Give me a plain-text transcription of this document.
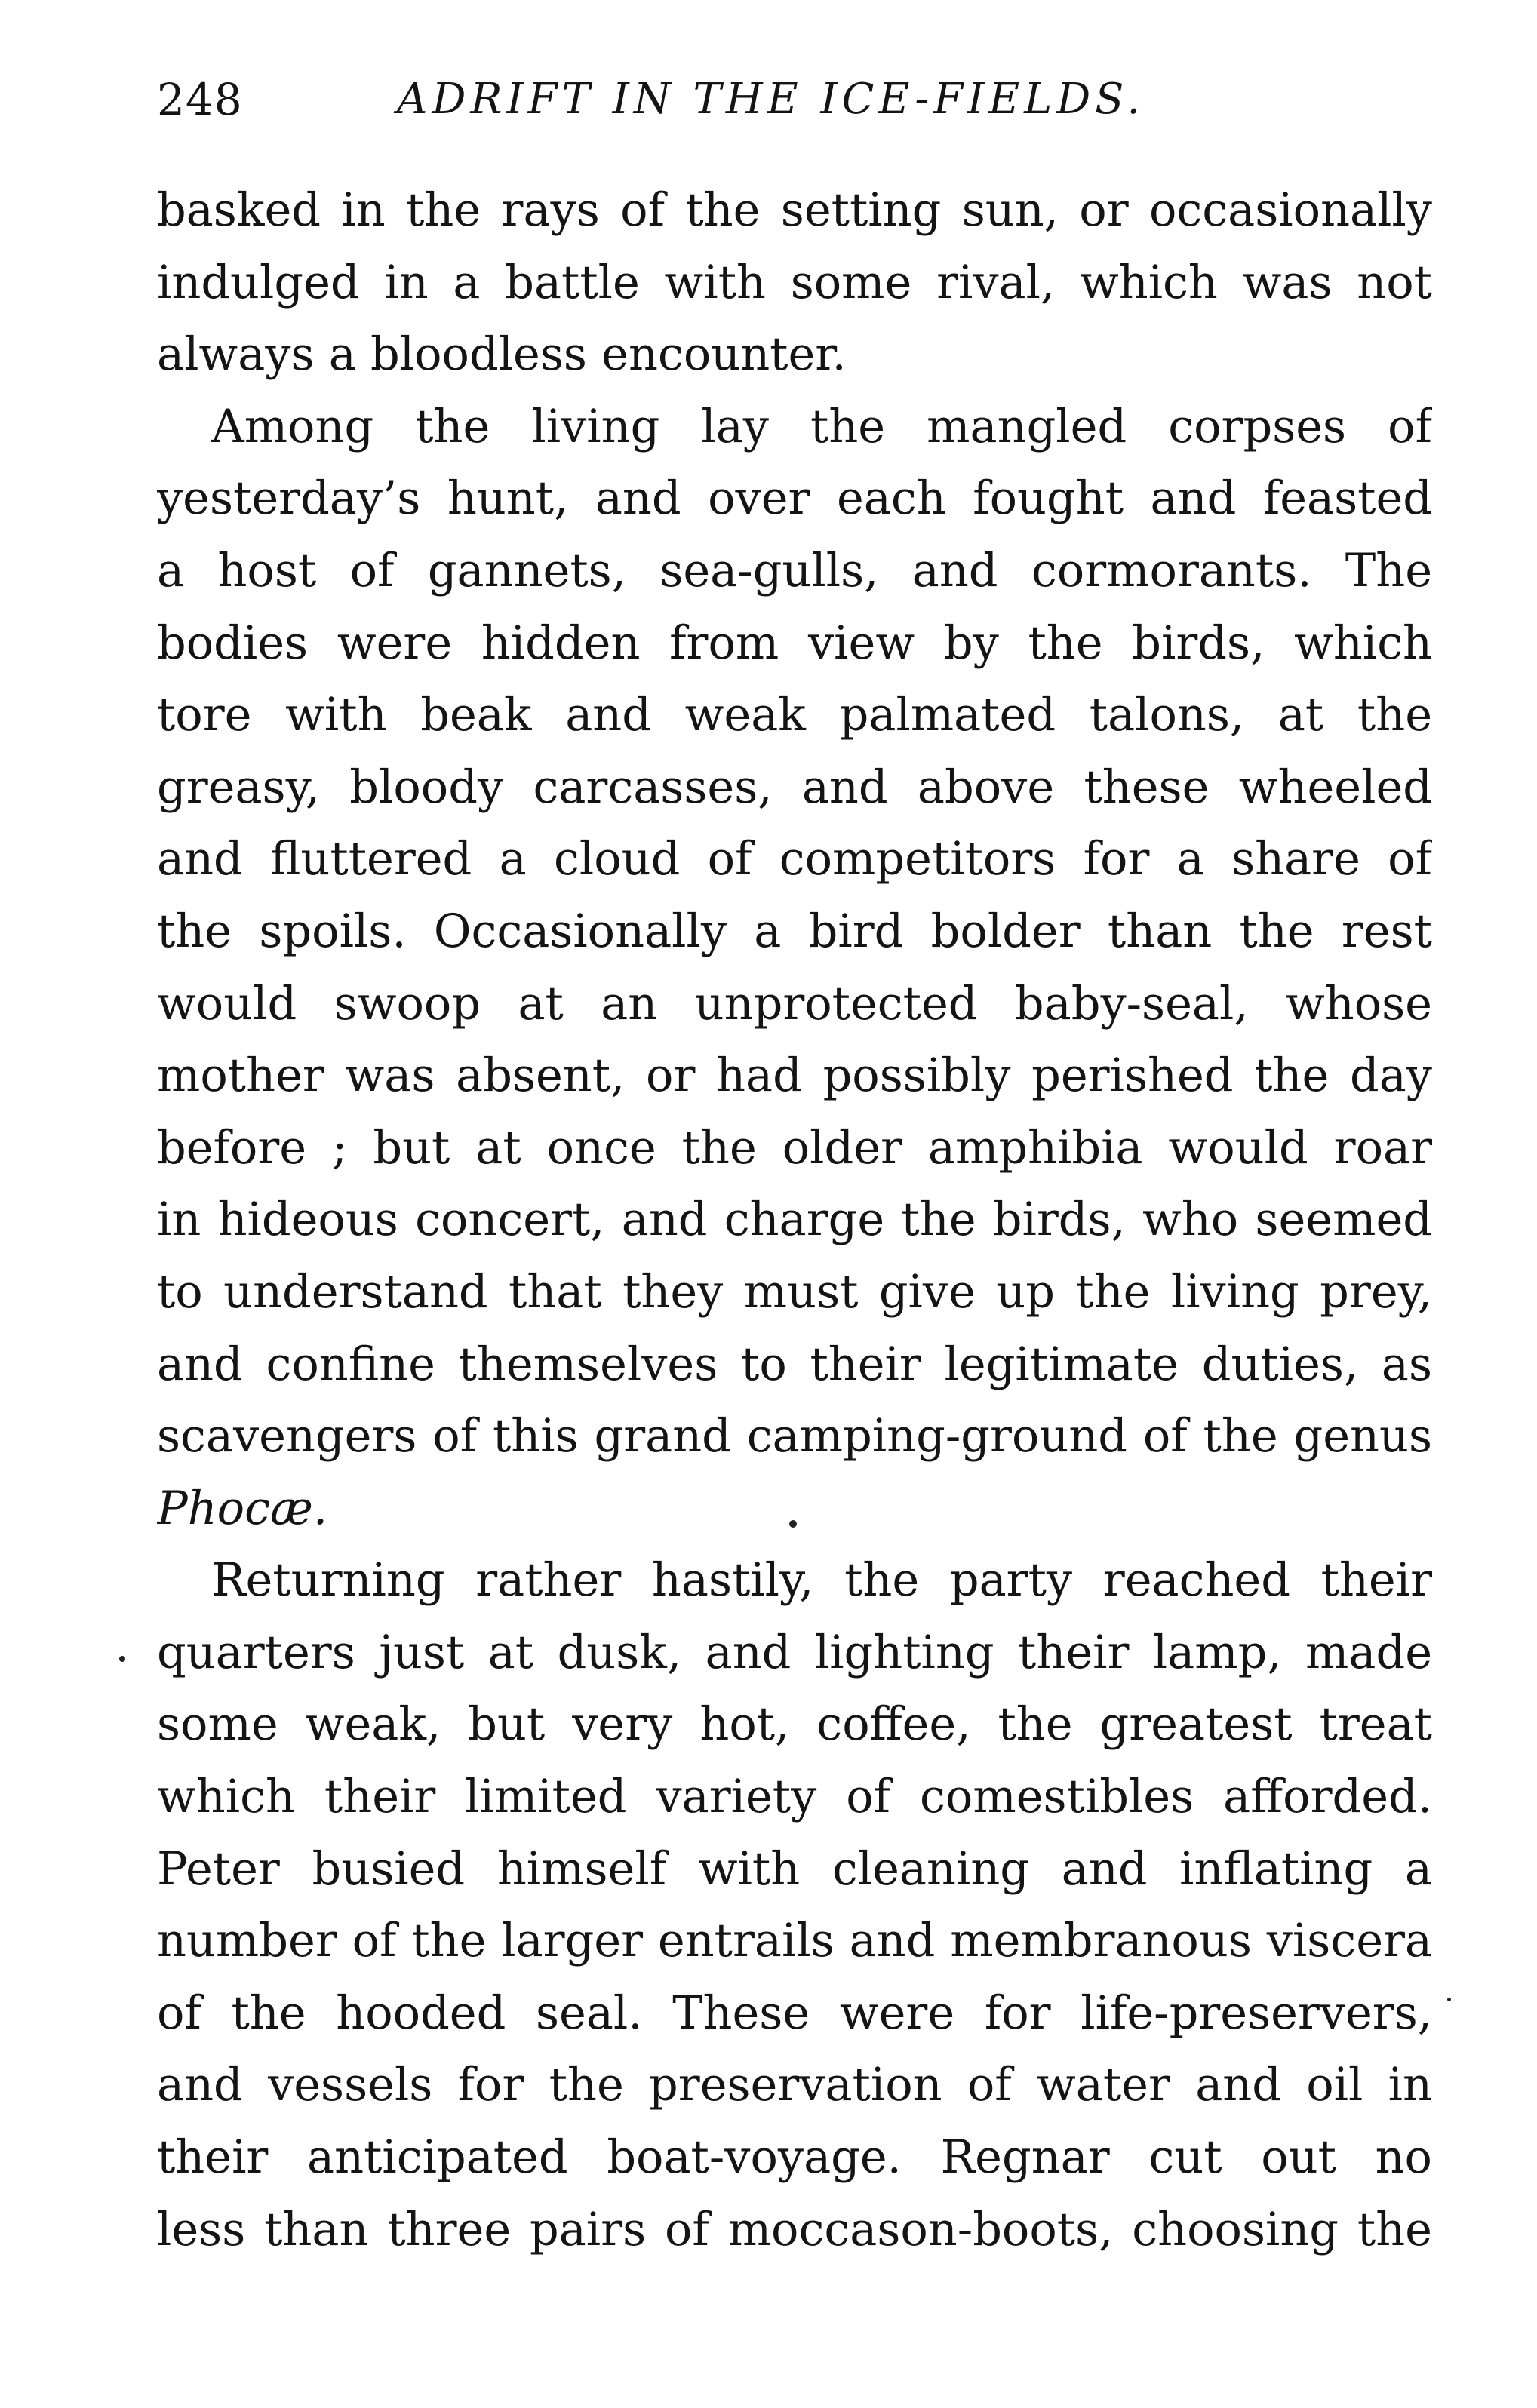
248	ADRIFT IN THE ICE-FIELDS.
basked in the rays of the setting sun, or occasionally
indulged in a battle with some rival, which was not
always a bloodless encounter.
Among the living lay the mangled corpses of
yesterday’s hunt, and over each fought and feasted
a host of gannets, sea-gulls, and cormorants. The
bodies were hidden from view by the birds, which
tore with beak and weak palmated talons, at the
greasy, bloody carcasses, and above these wheeled
and fluttered a cloud of competitors for a share of
the spoils. Occasionally a bird bolder than the rest
would swoop at an unprotected baby-seal, whose
mother was absent, or had possibly perished the day
before ; but at once the older amphibia would roar
in hideous concert, and charge the birds, who seemed
to understand that they must give up the living prey,
and confine themselves to their legitimate duties, as
scavengers of this grand camping-ground of the genus
Phocæ.
Returning rather hastily, the party reached their
quarters just at dusk, and lighting their lamp, made
some weak, but very hot, coffee, the greatest treat
which their limited variety of comestibles afforded.
Peter busied himself with cleaning and inflating a
number of the larger entrails and membranous viscera
of the hooded seal. These were for life-preservers,
and vessels for the preservation of water and oil in
their anticipated boat-voyage. Regnar cut out no
less than three pairs of moccason-boots, choosing the
